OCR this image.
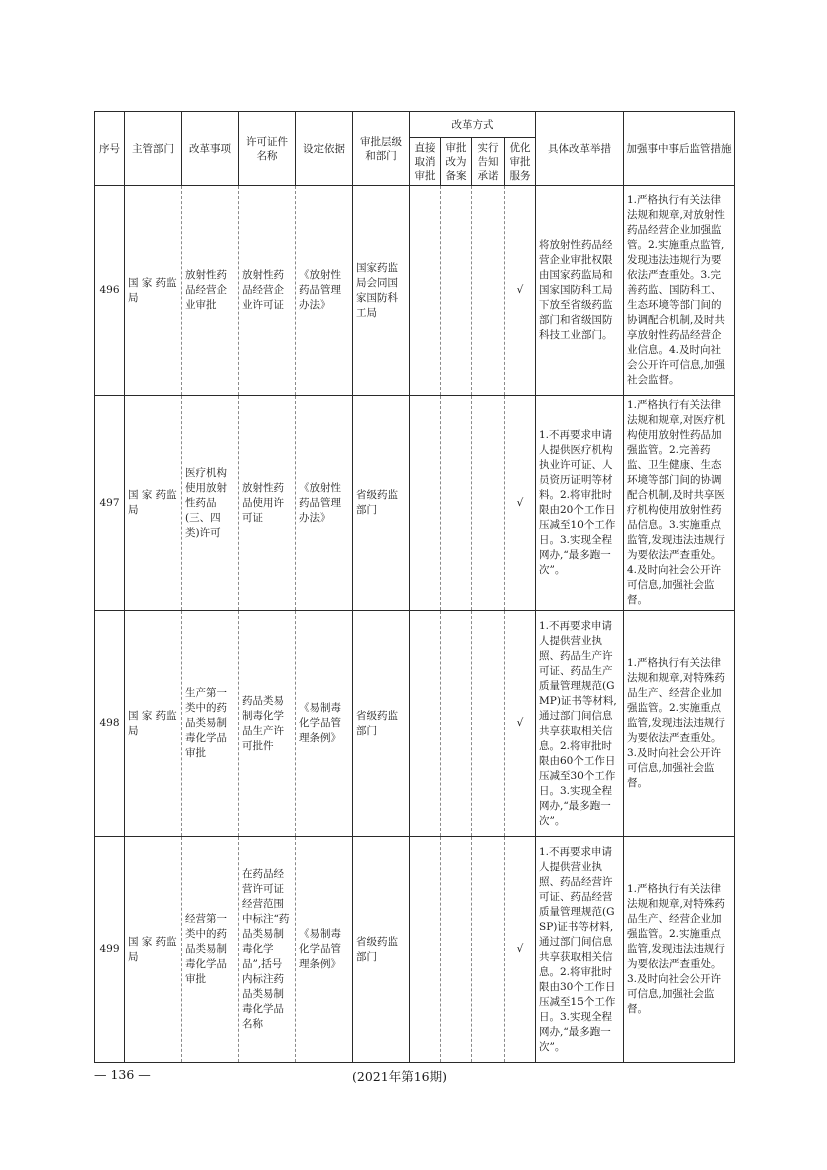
序号	主管部门	改革事项	许可证件名称	设定依据	审批层级和部门	改革方式				具体改革举措	加强事中事后监管措施
						直接取消审批	审批改为备案	实行告知承诺	优化审批服务		
496	国 家 药监局	放射性药品经营企业审批	放射性药品经营企业许可证	《放射性药品管理办法》	国家药监局会同国家国防科工局				√	将放射性药品经营企业审批权限由国家药监局和国家国防科工局下放至省级药监部门和省级国防科技工业部门。	1.严格执行有关法律法规和规章,对放射性药品经营企业加强监管。2.实施重点监管,发现违法违规行为要依法严查重处。3.完善药监、国防科工、生态环境等部门间的协调配合机制,及时共享放射性药品经营企业信息。4.及时向社会公开许可信息,加强社会监督。
497	国 家 药监局	医疗机构使用放射性药品(三、四类)许可	放射性药品使用许可证	《放射性药品管理办法》	省级药监部门				√	1.不再要求申请人提供医疗机构执业许可证、人员资历证明等材料。2.将审批时限由20个工作日压减至10个工作日。3.实现全程网办,“最多跑一次”。	1.严格执行有关法律法规和规章,对医疗机构使用放射性药品加强监管。2.完善药监、卫生健康、生态环境等部门间的协调配合机制,及时共享医疗机构使用放射性药品信息。3.实施重点监管,发现违法违规行为要依法严查重处。4.及时向社会公开许可信息,加强社会监督。
498	国 家 药监局	生产第一类中的药品类易制毒化学品审批	药品类易制毒化学品生产许可批件	《易制毒化学品管理条例》	省级药监部门				√	1.不再要求申请人提供营业执照、药品生产许可证、药品生产质量管理规范(GMP)证书等材料,通过部门间信息共享获取相关信息。2.将审批时限由60个工作日压减至30个工作日。3.实现全程网办,“最多跑一次”。	1.严格执行有关法律法规和规章,对特殊药品生产、经营企业加强监管。2.实施重点监管,发现违法违规行为要依法严查重处。3.及时向社会公开许可信息,加强社会监督。
499	国 家 药监局	经营第一类中的药品类易制毒化学品审批	在药品经营许可证经营范围中标注“药品类易制毒化学品”,括号内标注药品类易制毒化学品名称	《易制毒化学品管理条例》	省级药监部门				√	1.不再要求申请人提供营业执照、药品经营许可证、药品经营质量管理规范(GSP)证书等材料,通过部门间信息共享获取相关信息。2.将审批时限由30个工作日压减至15个工作日。3.实现全程网办,“最多跑一次”。	1.严格执行有关法律法规和规章,对特殊药品生产、经营企业加强监管。2.实施重点监管,发现违法违规行为要依法严查重处。3.及时向社会公开许可信息,加强社会监督。
— 136 —	(2021年第16期)
